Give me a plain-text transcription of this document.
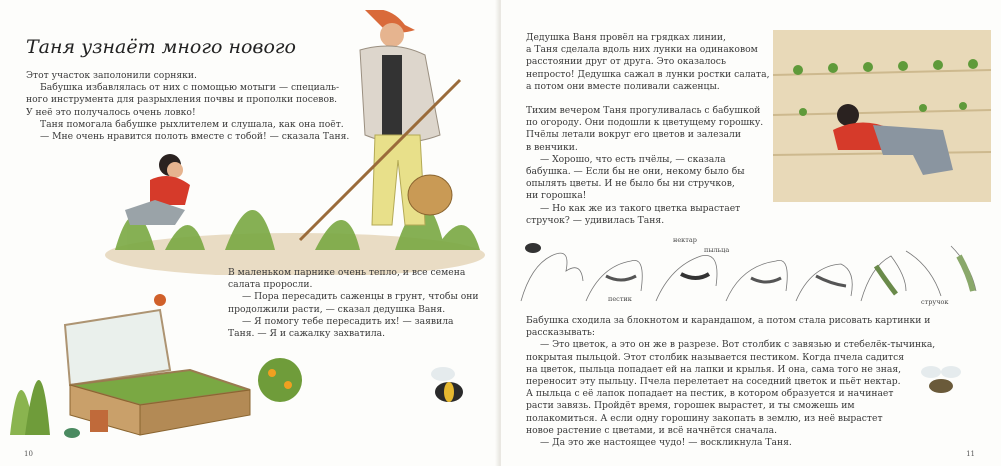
Таня узнаёт много нового
Этот участок заполонили сорняки.
Бабушка избавлялась от них с помощью мотыги — специаль-
ного инструмента для разрыхления почвы и прополки посевов.
У неё это получалось очень ловко!
Таня помогала бабушке рыхлителем и слушала, как она поёт.
— Мне очень нравится полоть вместе с тобой! — сказала Таня.
В маленьком парнике очень тепло, и все семена
салата проросли.
— Пора пересадить саженцы в грунт, чтобы они
продолжили расти, — сказал дедушка Ваня.
— Я помогу тебе пересадить их! — заявила
Таня. — Я и сажалку захватила.
10
Дедушка Ваня провёл на грядках линии,
а Таня сделала вдоль них лунки на одинаковом
расстоянии друг от друга. Это оказалось
непросто! Дедушка сажал в лунки ростки салата,
а потом они вместе поливали саженцы.
Тихим вечером Таня прогуливалась с бабушкой
по огороду. Они подошли к цветущему горошку.
Пчёлы летали вокруг его цветов и залезали
в венчики.
— Хорошо, что есть пчёлы, — сказала
бабушка. — Если бы не они, некому было бы
опылять цветы. И не было бы ни стручков,
ни горошка!
— Но как же из такого цветка вырастает
стручок? — удивилась Таня.
нектар
пыльца
пестик	стручок
Бабушка сходила за блокнотом и карандашом, а потом стала рисовать картинки и
рассказывать:
— Это цветок, а это он же в разрезе. Вот столбик с завязью и стебелёк-тычинка,
покрытая пыльцой. Этот столбик называется пестиком. Когда пчела садится
на цветок, пыльца попадает ей на лапки и крылья. И она, сама того не зная,
переносит эту пыльцу. Пчела перелетает на соседний цветок и пьёт нектар.
А пыльца с её лапок попадает на пестик, в котором образуется и начинает
расти завязь. Пройдёт время, горошек вырастет, и ты сможешь им
полакомиться. А если одну горошину закопать в землю, из неё вырастет
новое растение с цветами, и всё начнётся сначала.
— Да это же настоящее чудо! — воскликнула Таня.
11
